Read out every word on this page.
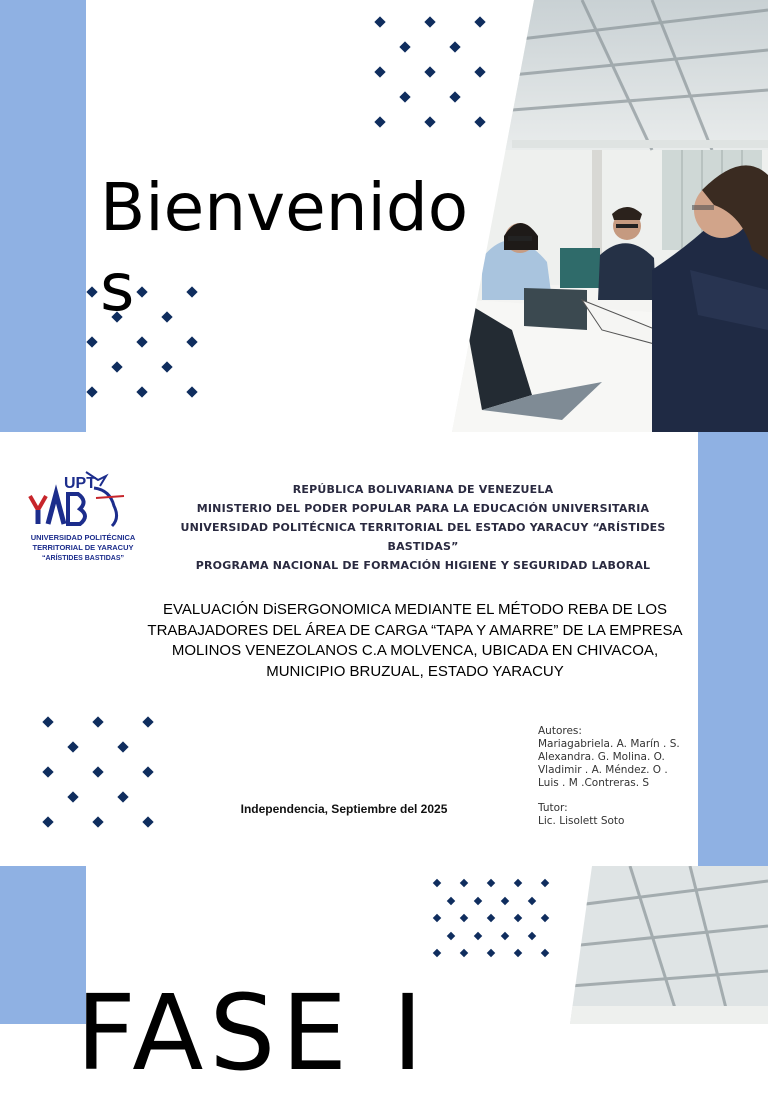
Bienvenidos
UPT
UNIVERSIDAD POLITÉCNICA
TERRITORIAL DE YARACUY
“ARÍSTIDES BASTIDAS”
REPÚBLICA BOLIVARIANA DE VENEZUELA
MINISTERIO DEL PODER POPULAR PARA LA EDUCACIÓN UNIVERSITARIA
UNIVERSIDAD POLITÉCNICA TERRITORIAL DEL ESTADO YARACUY “ARÍSTIDES BASTIDAS”
PROGRAMA NACIONAL DE FORMACIÓN HIGIENE Y SEGURIDAD LABORAL
EVALUACIÓN DiSERGONOMICA MEDIANTE EL MÉTODO REBA DE LOS TRABAJADORES DEL ÁREA DE CARGA “TAPA Y AMARRE” DE LA EMPRESA MOLINOS VENEZOLANOS C.A MOLVENCA, UBICADA EN CHIVACOA, MUNICIPIO BRUZUAL, ESTADO YARACUY
Independencia, Septiembre del 2025
Autores:
Mariagabriela. A. Marín . S.
Alexandra. G. Molina. O.
Vladimir . A. Méndez. O .
Luis . M .Contreras. S
Tutor:
Lic. Lisolett Soto
FASE I
